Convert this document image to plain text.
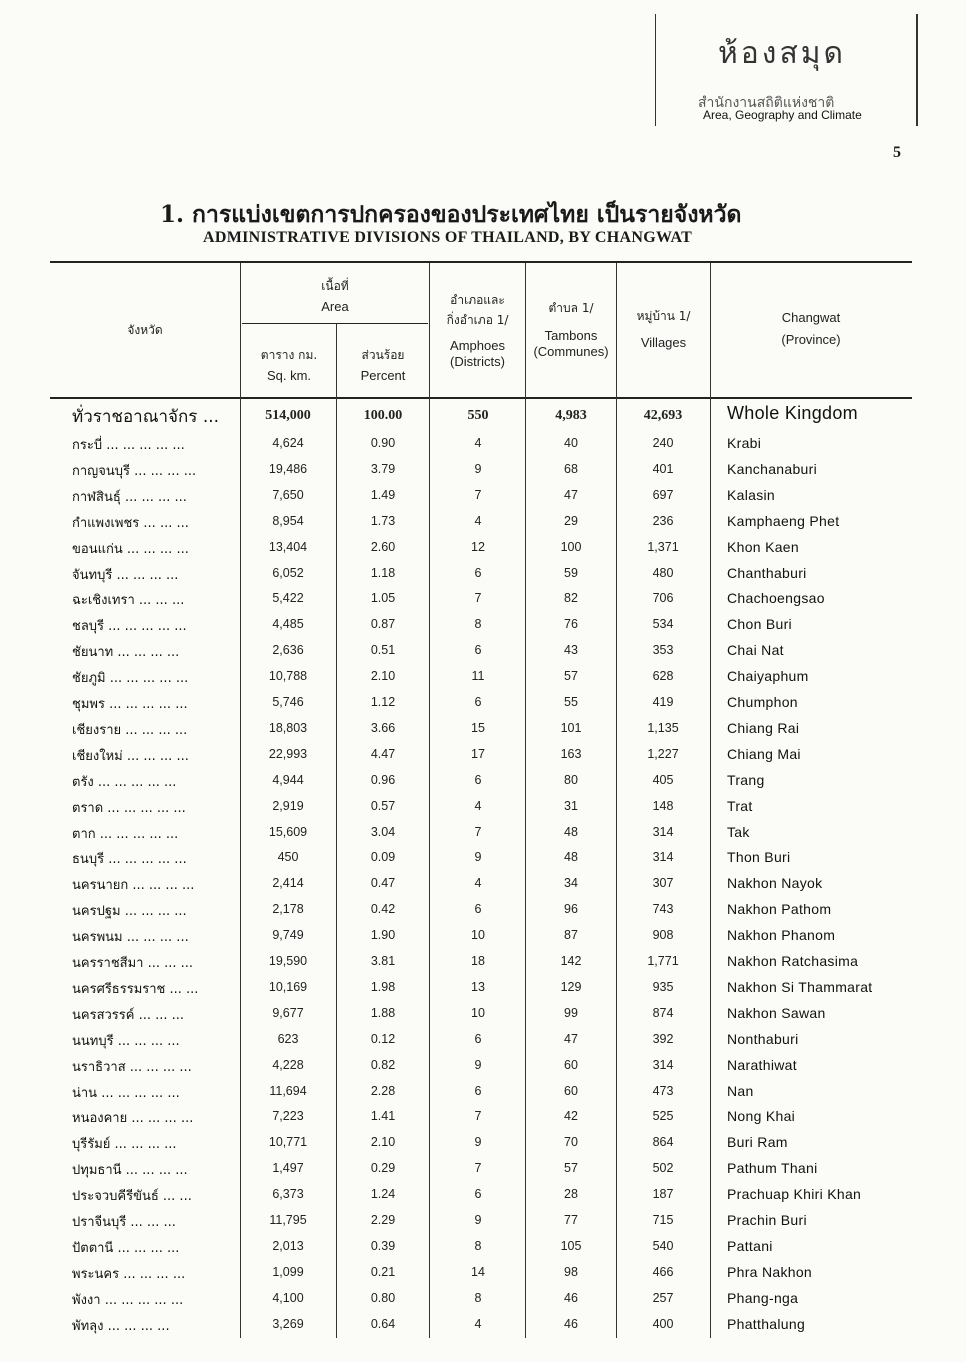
ห้องสมุด
สำนักงานสถิติแห่งชาติ
Area, Geography and Climate
5
1. การแบ่งเขตการปกครองของประเทศไทย เป็นรายจังหวัด
ADMINISTRATIVE DIVISIONS OF THAILAND, BY CHANGWAT
จังหวัด
เนื้อที่
Area
ตาราง กม.
Sq. km.
ส่วนร้อย
Percent
อำเภอและ
กิ่งอำเภอ 1/
Amphoes
(Districts)
ตำบล 1/
Tambons
(Communes)
หมู่บ้าน 1/
Villages
Changwat
(Province)
ทั่วราชอาณาจักร ...	514,000	100.00	550	4,983	42,693	Whole Kingdom
กระบี่ ... ... ... ... ...	4,624	0.90	4	40	240	Krabi
กาญจนบุรี ... ... ... ...	19,486	3.79	9	68	401	Kanchanaburi
กาฬสินธุ์ ... ... ... ...	7,650	1.49	7	47	697	Kalasin
กำแพงเพชร ... ... ...	8,954	1.73	4	29	236	Kamphaeng Phet
ขอนแก่น ... ... ... ...	13,404	2.60	12	100	1,371	Khon Kaen
จันทบุรี ... ... ... ...	6,052	1.18	6	59	480	Chanthaburi
ฉะเชิงเทรา ... ... ...	5,422	1.05	7	82	706	Chachoengsao
ชลบุรี ... ... ... ... ...	4,485	0.87	8	76	534	Chon Buri
ชัยนาท ... ... ... ...	2,636	0.51	6	43	353	Chai Nat
ชัยภูมิ ... ... ... ... ...	10,788	2.10	11	57	628	Chaiyaphum
ชุมพร ... ... ... ... ...	5,746	1.12	6	55	419	Chumphon
เชียงราย ... ... ... ...	18,803	3.66	15	101	1,135	Chiang Rai
เชียงใหม่ ... ... ... ...	22,993	4.47	17	163	1,227	Chiang Mai
ตรัง ... ... ... ... ...	4,944	0.96	6	80	405	Trang
ตราด ... ... ... ... ...	2,919	0.57	4	31	148	Trat
ตาก ... ... ... ... ...	15,609	3.04	7	48	314	Tak
ธนบุรี ... ... ... ... ...	450	0.09	9	48	314	Thon Buri
นครนายก ... ... ... ...	2,414	0.47	4	34	307	Nakhon Nayok
นครปฐม ... ... ... ...	2,178	0.42	6	96	743	Nakhon Pathom
นครพนม ... ... ... ...	9,749	1.90	10	87	908	Nakhon Phanom
นครราชสีมา ... ... ...	19,590	3.81	18	142	1,771	Nakhon Ratchasima
นครศรีธรรมราช ... ...	10,169	1.98	13	129	935	Nakhon Si Thammarat
นครสวรรค์ ... ... ...	9,677	1.88	10	99	874	Nakhon Sawan
นนทบุรี ... ... ... ...	623	0.12	6	47	392	Nonthaburi
นราธิวาส ... ... ... ...	4,228	0.82	9	60	314	Narathiwat
น่าน ... ... ... ... ...	11,694	2.28	6	60	473	Nan
หนองคาย ... ... ... ...	7,223	1.41	7	42	525	Nong Khai
บุรีรัมย์ ... ... ... ...	10,771	2.10	9	70	864	Buri Ram
ปทุมธานี ... ... ... ...	1,497	0.29	7	57	502	Pathum Thani
ประจวบคีรีขันธ์ ... ...	6,373	1.24	6	28	187	Prachuap Khiri Khan
ปราจีนบุรี ... ... ...	11,795	2.29	9	77	715	Prachin Buri
ปัตตานี ... ... ... ...	2,013	0.39	8	105	540	Pattani
พระนคร ... ... ... ...	1,099	0.21	14	98	466	Phra Nakhon
พังงา ... ... ... ... ...	4,100	0.80	8	46	257	Phang-nga
พัทลุง ... ... ... ...	3,269	0.64	4	46	400	Phatthalung
